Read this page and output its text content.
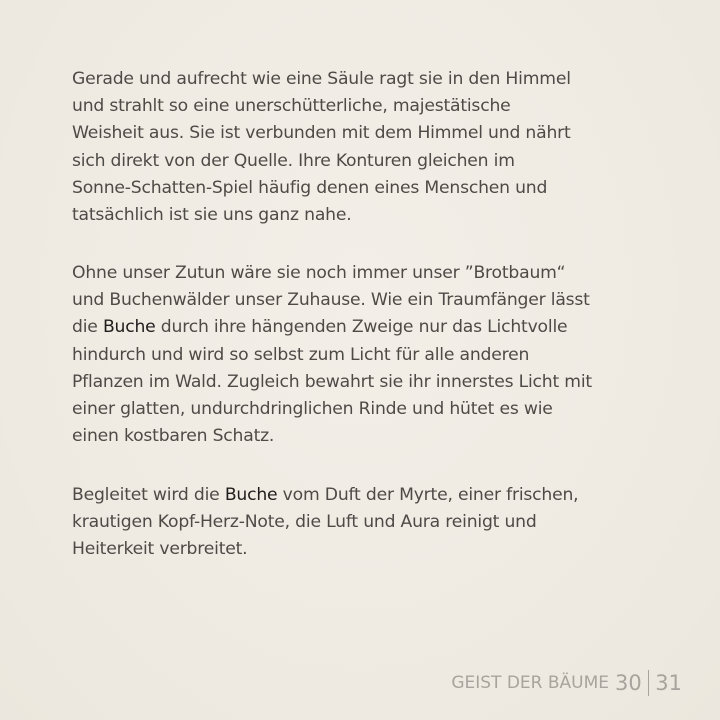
Gerade und aufrecht wie eine Säule ragt sie in den Himmel
und strahlt so eine unerschütterliche, majestätische
Weisheit aus. Sie ist verbunden mit dem Himmel und nährt
sich direkt von der Quelle. Ihre Konturen gleichen im
Sonne-Schatten-Spiel häufig denen eines Menschen und
tatsächlich ist sie uns ganz nahe.
Ohne unser Zutun wäre sie noch immer unser ”Brotbaum“
und Buchenwälder unser Zuhause. Wie ein Traumfänger lässt
die Buche durch ihre hängenden Zweige nur das Lichtvolle
hindurch und wird so selbst zum Licht für alle anderen
Pflanzen im Wald. Zugleich bewahrt sie ihr innerstes Licht mit
einer glatten, undurchdringlichen Rinde und hütet es wie
einen kostbaren Schatz.
Begleitet wird die Buche vom Duft der Myrte, einer frischen,
krautigen Kopf-Herz-Note, die Luft und Aura reinigt und
Heiterkeit verbreitet.
GEIST DER BÄUME 30 31
